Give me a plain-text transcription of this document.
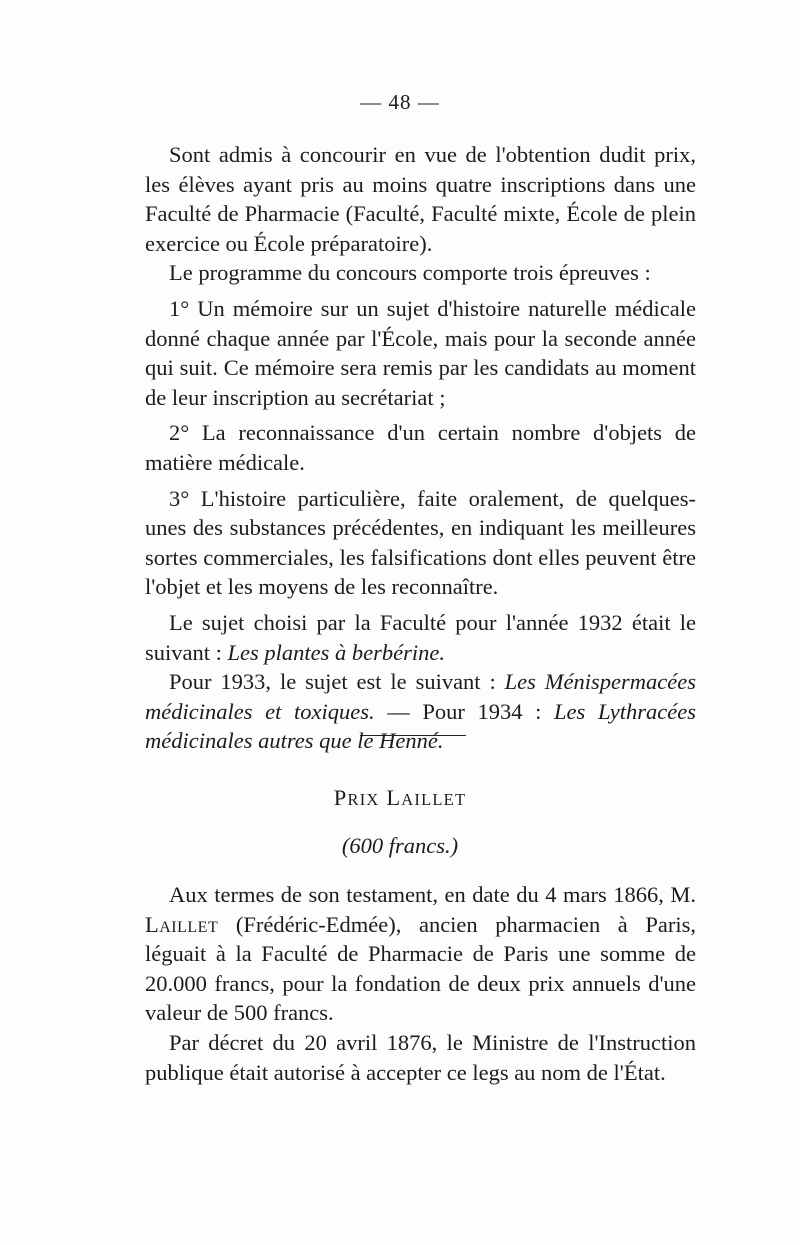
— 48 —

Sont admis à concourir en vue de l'obtention dudit prix, les élèves ayant pris au moins quatre inscriptions dans une Faculté de Pharmacie (Faculté, Faculté mixte, École de plein exercice ou École préparatoire).

Le programme du concours comporte trois épreuves :

1° Un mémoire sur un sujet d'histoire naturelle médicale donné chaque année par l'École, mais pour la seconde année qui suit. Ce mémoire sera remis par les candidats au moment de leur inscription au secrétariat ;

2° La reconnaissance d'un certain nombre d'objets de matière médicale.

3° L'histoire particulière, faite oralement, de quelques-unes des substances précédentes, en indiquant les meilleures sortes commerciales, les falsifications dont elles peuvent être l'objet et les moyens de les reconnaître.

Le sujet choisi par la Faculté pour l'année 1932 était le suivant : Les plantes à berbérine.

Pour 1933, le sujet est le suivant : Les Ménispermacées médicinales et toxiques. — Pour 1934 : Les Lythracées médicinales autres que le Henné.

PRIX LAILLET
(600 francs.)

Aux termes de son testament, en date du 4 mars 1866, M. Laillet (Frédéric-Edmée), ancien pharmacien à Paris, léguait à la Faculté de Pharmacie de Paris une somme de 20.000 francs, pour la fondation de deux prix annuels d'une valeur de 500 francs.

Par décret du 20 avril 1876, le Ministre de l'Instruction publique était autorisé à accepter ce legs au nom de l'État.
